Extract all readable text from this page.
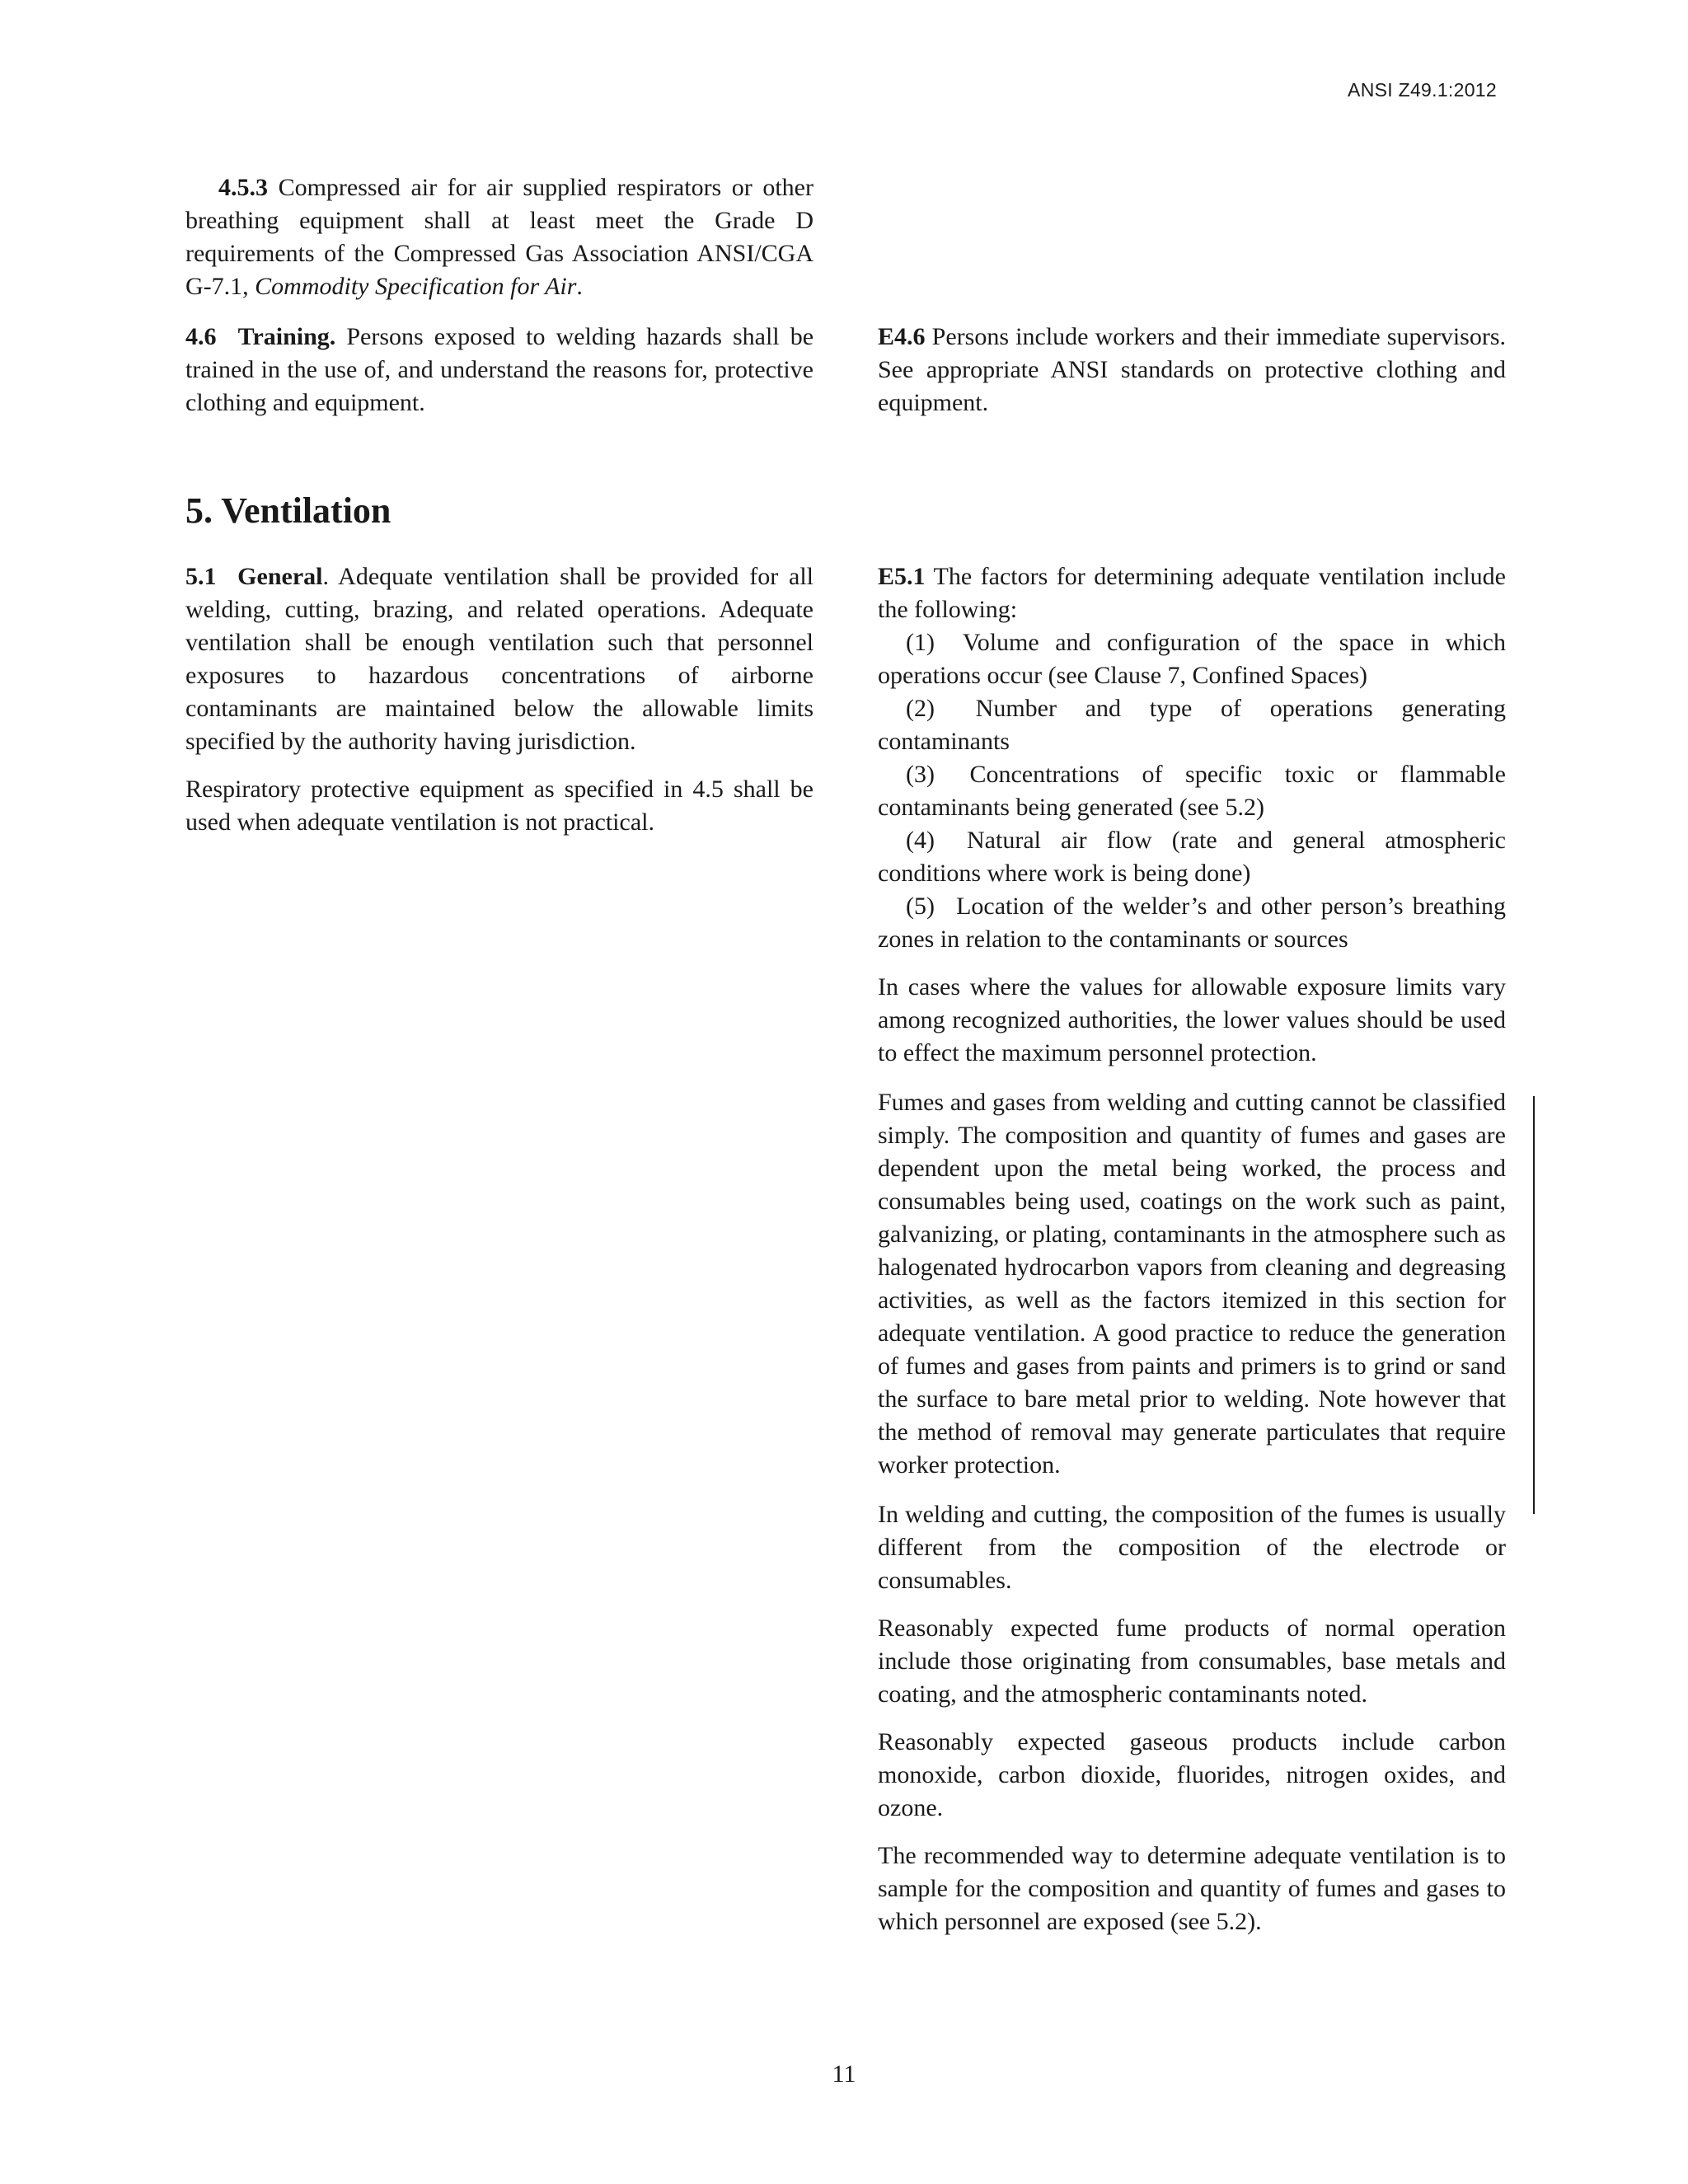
ANSI Z49.1:2012

4.5.3 Compressed air for air supplied respirators or other breathing equipment shall at least meet the Grade D requirements of the Compressed Gas Association ANSI/CGA G-7.1, Commodity Specification for Air.

4.6 Training. Persons exposed to welding hazards shall be trained in the use of, and understand the reasons for, protective clothing and equipment.

E4.6 Persons include workers and their immediate supervisors. See appropriate ANSI standards on protective clothing and equipment.

5. Ventilation

5.1 General. Adequate ventilation shall be provided for all welding, cutting, brazing, and related operations. Adequate ventilation shall be enough ventilation such that personnel exposures to hazardous concentrations of airborne contaminants are maintained below the allowable limits specified by the authority having jurisdiction.

Respiratory protective equipment as specified in 4.5 shall be used when adequate ventilation is not practical.

E5.1 The factors for determining adequate ventilation include the following:

(1)  Volume and configuration of the space in which operations occur (see Clause 7, Confined Spaces)

(2)  Number and type of operations generating contaminants

(3)  Concentrations of specific toxic or flammable contaminants being generated (see 5.2)

(4)  Natural air flow (rate and general atmospheric conditions where work is being done)

(5)  Location of the welder’s and other person’s breathing zones in relation to the contaminants or sources

In cases where the values for allowable exposure limits vary among recognized authorities, the lower values should be used to effect the maximum personnel protection.

Fumes and gases from welding and cutting cannot be classified simply. The composition and quantity of fumes and gases are dependent upon the metal being worked, the process and consumables being used, coatings on the work such as paint, galvanizing, or plating, contaminants in the atmosphere such as halogenated hydrocarbon vapors from cleaning and degreasing activities, as well as the factors itemized in this section for adequate ventilation. A good practice to reduce the generation of fumes and gases from paints and primers is to grind or sand the surface to bare metal prior to welding. Note however that the method of removal may generate particulates that require worker protection.

In welding and cutting, the composition of the fumes is usually different from the composition of the electrode or consumables.

Reasonably expected fume products of normal operation include those originating from consumables, base metals and coating, and the atmospheric contaminants noted.

Reasonably expected gaseous products include carbon monoxide, carbon dioxide, fluorides, nitrogen oxides, and ozone.

The recommended way to determine adequate ventilation is to sample for the composition and quantity of fumes and gases to which personnel are exposed (see 5.2).

11
